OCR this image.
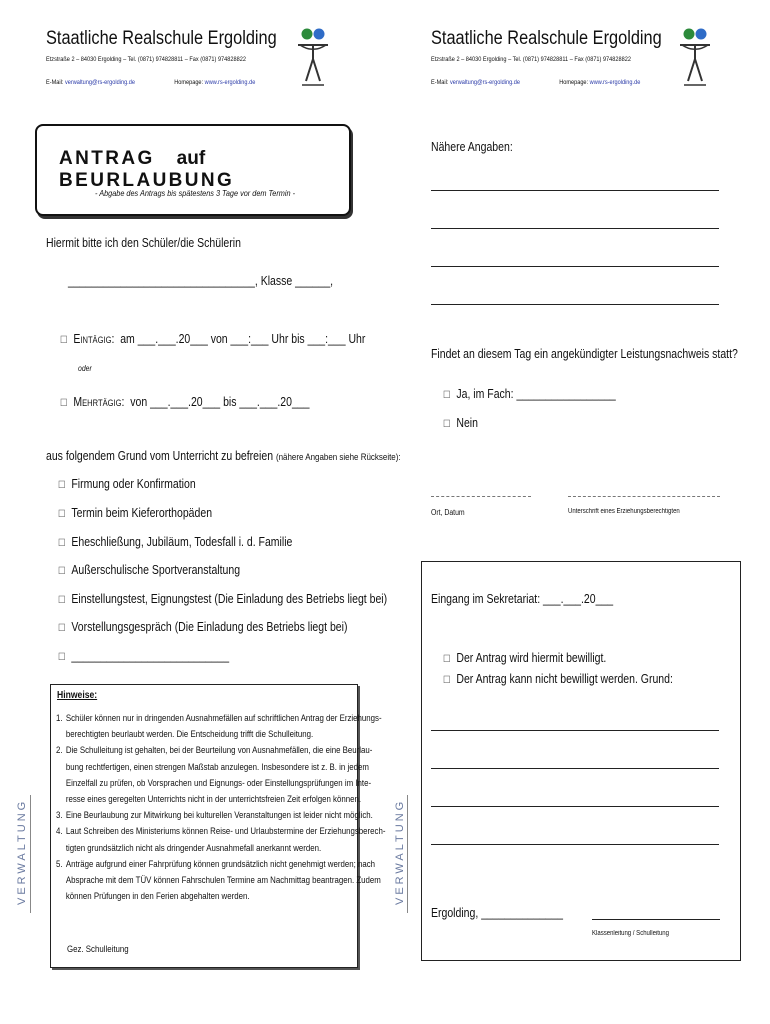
Staatliche Realschule Ergolding
Etzstraße 2 – 84030 Ergolding – Tel. (0871) 974828811 – Fax (0871) 974828822
E-Mail: verwaltung@rs-ergolding.de	Homepage: www.rs-ergolding.de
Staatliche Realschule Ergolding
Etzstraße 2 – 84030 Ergolding – Tel. (0871) 974828811 – Fax (0871) 974828822
E-Mail: verwaltung@rs-ergolding.de	Homepage: www.rs-ergolding.de
ANTRAG aufBEURLAUBUNG
- Abgabe des Antrags bis spätestens 3 Tage vor dem Termin -
Hiermit bitte ich den Schüler/die Schülerin
________________________________, Klasse ______,
☐ Eintägig: am ___.___.20___ von ___:___ Uhr bis ___:___ Uhr
oder
☐ Mehrtägig: von ___.___.20___ bis ___.___.20___
aus folgendem Grund vom Unterricht zu befreien (nähere Angaben siehe Rückseite):
☐ Firmung oder Konfirmation
☐ Termin beim Kieferorthopäden
☐ Eheschließung, Jubiläum, Todesfall i. d. Familie
☐ Außerschulische Sportveranstaltung
☐ Einstellungstest, Eignungstest (Die Einladung des Betriebs liegt bei)
☐ Vorstellungsgespräch (Die Einladung des Betriebs liegt bei)
☐ ___________________________
Hinweise:
1. Schüler können nur in dringenden Ausnahmefällen auf schriftlichen Antrag der Erziehungs-
berechtigten beurlaubt werden. Die Entscheidung trifft die Schulleitung.
2. Die Schulleitung ist gehalten, bei der Beurteilung von Ausnahmefällen, die eine Beurlau-
bung rechtfertigen, einen strengen Maßstab anzulegen. Insbesondere ist z. B. in jedem
Einzelfall zu prüfen, ob Vorsprachen und Eignungs- oder Einstellungsprüfungen im Inte-
resse eines geregelten Unterrichts nicht in der unterrichtsfreien Zeit erfolgen können.
3. Eine Beurlaubung zur Mitwirkung bei kulturellen Veranstaltungen ist leider nicht möglich.
4. Laut Schreiben des Ministeriums können Reise- und Urlaubstermine der Erziehungsberech-
tigten grundsätzlich nicht als dringender Ausnahmefall anerkannt werden.
5. Anträge aufgrund einer Fahrprüfung können grundsätzlich nicht genehmigt werden; nach
Absprache mit dem TÜV können Fahrschulen Termine am Nachmittag beantragen. Zudem
können Prüfungen in den Ferien abgehalten werden.
Gez. Schulleitung
VERWALTUNG
Nähere Angaben:
Findet an diesem Tag ein angekündigter Leistungsnachweis statt?
☐ Ja, im Fach: _________________
☐ Nein
Ort, Datum	Unterschrift eines Erziehungsberechtigten
Eingang im Sekretariat: ___.___.20___
☐ Der Antrag wird hiermit bewilligt.
☐ Der Antrag kann nicht bewilligt werden. Grund:
Ergolding, ______________
Klassenleitung / Schulleitung
VERWALTUNG
